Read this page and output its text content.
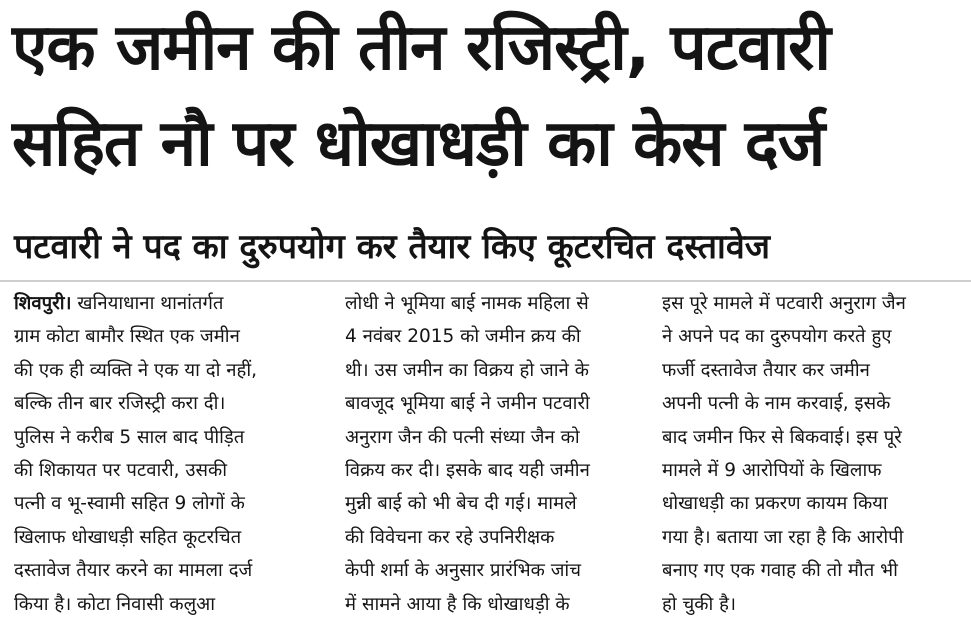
एक जमीन की तीन रजिस्ट्री, पटवारी
सहित नौ पर धोखाधड़ी का केस दर्ज
पटवारी ने पद का दुरुपयोग कर तैयार किए कूटरचित दस्तावेज
शिवपुरी। खनियाधाना थानांतर्गत
ग्राम कोटा बामौर स्थित एक जमीन
की एक ही व्यक्ति ने एक या दो नहीं,
बल्कि तीन बार रजिस्ट्री करा दी।
पुलिस ने करीब 5 साल बाद पीड़ित
की शिकायत पर पटवारी, उसकी
पत्नी व भू-स्वामी सहित 9 लोगों के
खिलाफ धोखाधड़ी सहित कूटरचित
दस्तावेज तैयार करने का मामला दर्ज
किया है। कोटा निवासी कलुआ
लोधी ने भूमिया बाई नामक महिला से
4 नवंबर 2015 को जमीन क्रय की
थी। उस जमीन का विक्रय हो जाने के
बावजूद भूमिया बाई ने जमीन पटवारी
अनुराग जैन की पत्नी संध्या जैन को
विक्रय कर दी। इसके बाद यही जमीन
मुन्नी बाई को भी बेच दी गई। मामले
की विवेचना कर रहे उपनिरीक्षक
केपी शर्मा के अनुसार प्रारंभिक जांच
में सामने आया है कि धोखाधड़ी के
इस पूरे मामले में पटवारी अनुराग जैन
ने अपने पद का दुरुपयोग करते हुए
फर्जी दस्तावेज तैयार कर जमीन
अपनी पत्नी के नाम करवाई, इसके
बाद जमीन फिर से बिकवाई। इस पूरे
मामले में 9 आरोपियों के खिलाफ
धोखाधड़ी का प्रकरण कायम किया
गया है। बताया जा रहा है कि आरोपी
बनाए गए एक गवाह की तो मौत भी
हो चुकी है।
